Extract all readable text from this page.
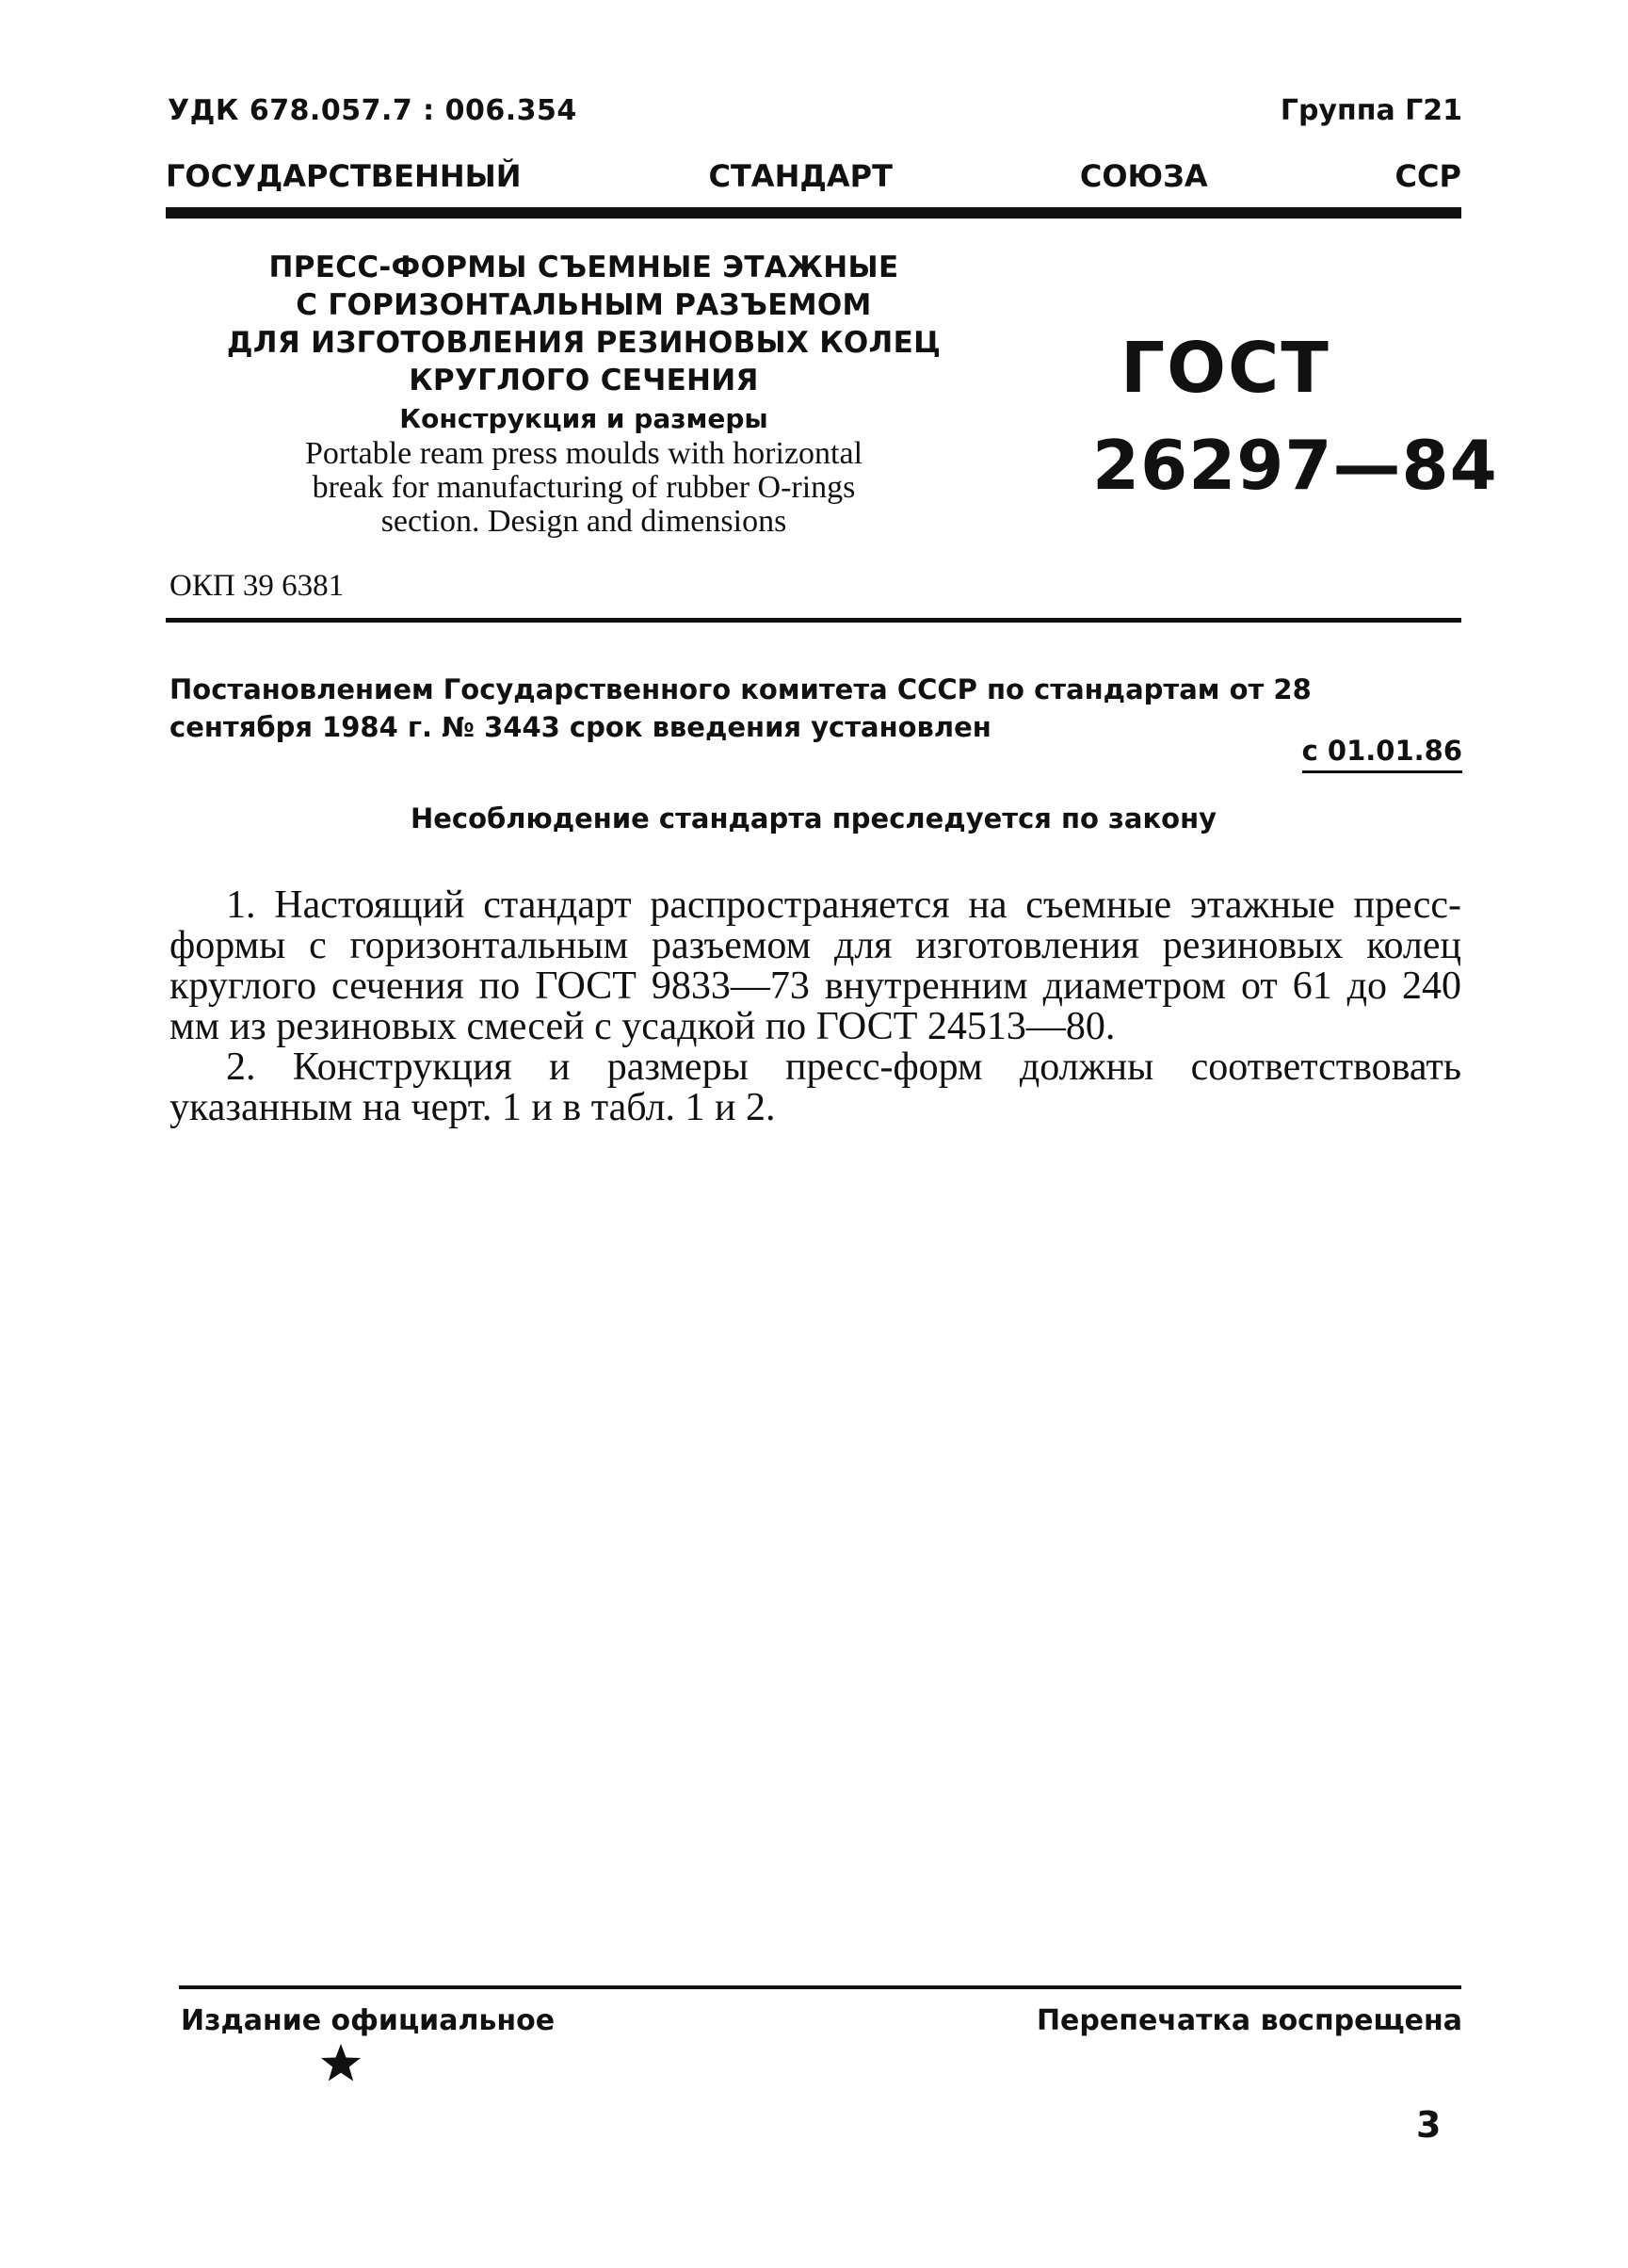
УДК 678.057.7 : 006.354	Группа Г21
ГОСУДАРСТВЕННЫЙ	СТАНДАРТ	СОЮЗА	ССР
ПРЕСС-ФОРМЫ СЪЕМНЫЕ ЭТАЖНЫЕ
С ГОРИЗОНТАЛЬНЫМ РАЗЪЕМОМ
ДЛЯ ИЗГОТОВЛЕНИЯ РЕЗИНОВЫХ КОЛЕЦ
КРУГЛОГО СЕЧЕНИЯ
Конструкция и размеры
Portable ream press moulds with horizontal
break for manufacturing of rubber O-rings
section. Design and dimensions
ГОСТ
26297—84
ОКП 39 6381
Постановлением Государственного комитета СССР по стандартам от 28 сентября 1984 г. № 3443 срок введения установлен
с 01.01.86
Несоблюдение стандарта преследуется по закону

1. Настоящий стандарт распространяется на съемные этажные пресс-формы с горизонтальным разъемом для изготовления резиновых колец круглого сечения по ГОСТ 9833—73 внутренним диаметром от 61 до 240 мм из резиновых смесей с усадкой по ГОСТ 24513—80.

2. Конструкция и размеры пресс-форм должны соответствовать указанным на черт. 1 и в табл. 1 и 2.

Издание официальное	Перепечатка воспрещена
3
